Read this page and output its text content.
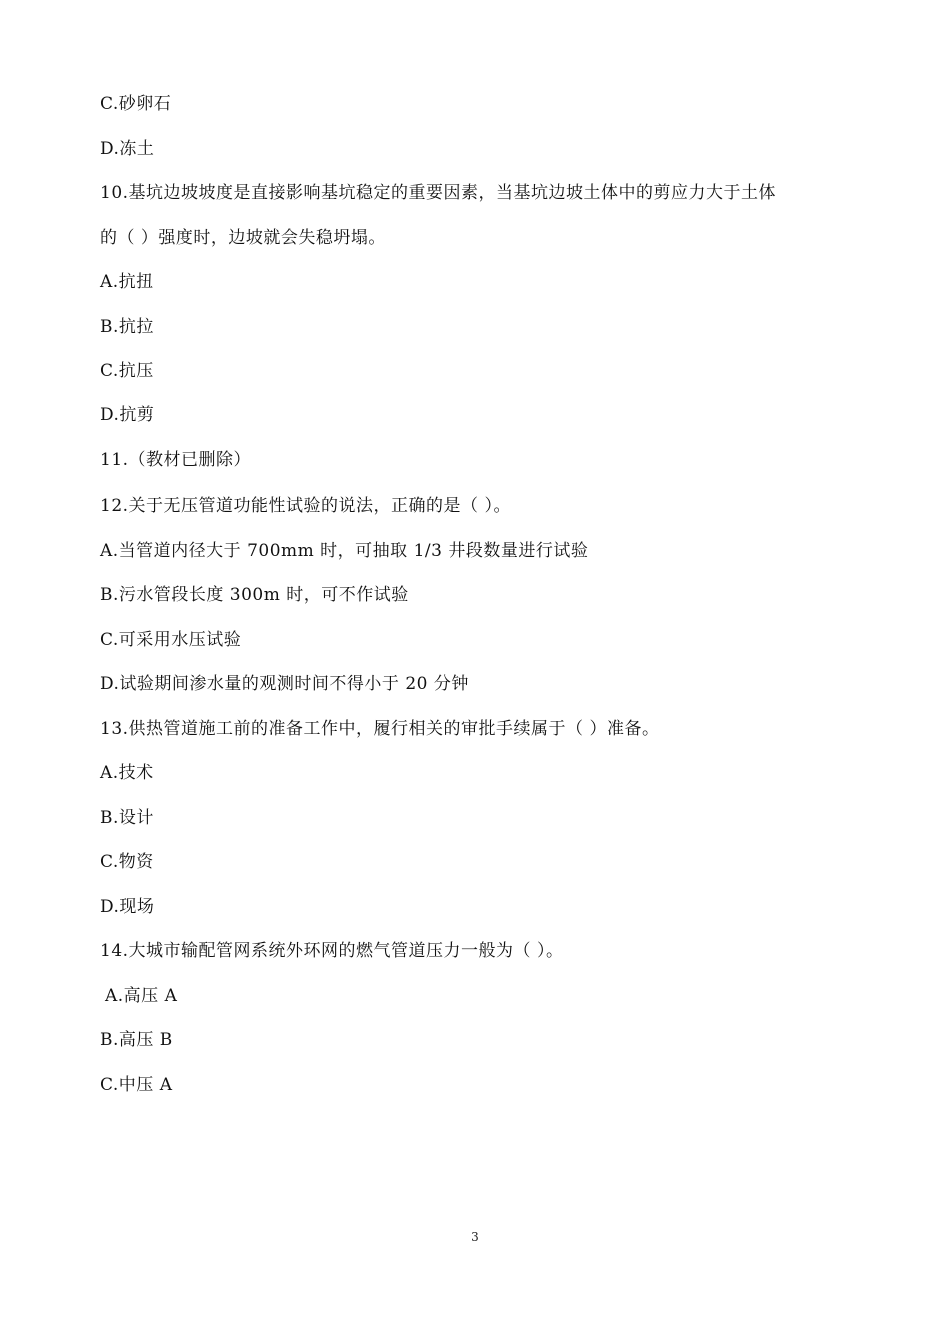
C.砂卵石
D.冻土
10.基坑边坡坡度是直接影响基坑稳定的重要因素，当基坑边坡土体中的剪应力大于土体
的（ ）强度时，边坡就会失稳坍塌。
A.抗扭
B.抗拉
C.抗压
D.抗剪
11.（教材已删除）
12.关于无压管道功能性试验的说法，正确的是（ ）。
A.当管道内径大于 700mm 时，可抽取 1/3 井段数量进行试验
B.污水管段长度 300m 时，可不作试验
C.可采用水压试验
D.试验期间渗水量的观测时间不得小于 20 分钟
13.供热管道施工前的准备工作中，履行相关的审批手续属于（ ）准备。
A.技术
B.设计
C.物资
D.现场
14.大城市输配管网系统外环网的燃气管道压力一般为（ ）。
A.高压 A
B.高压 B
C.中压 A
3
